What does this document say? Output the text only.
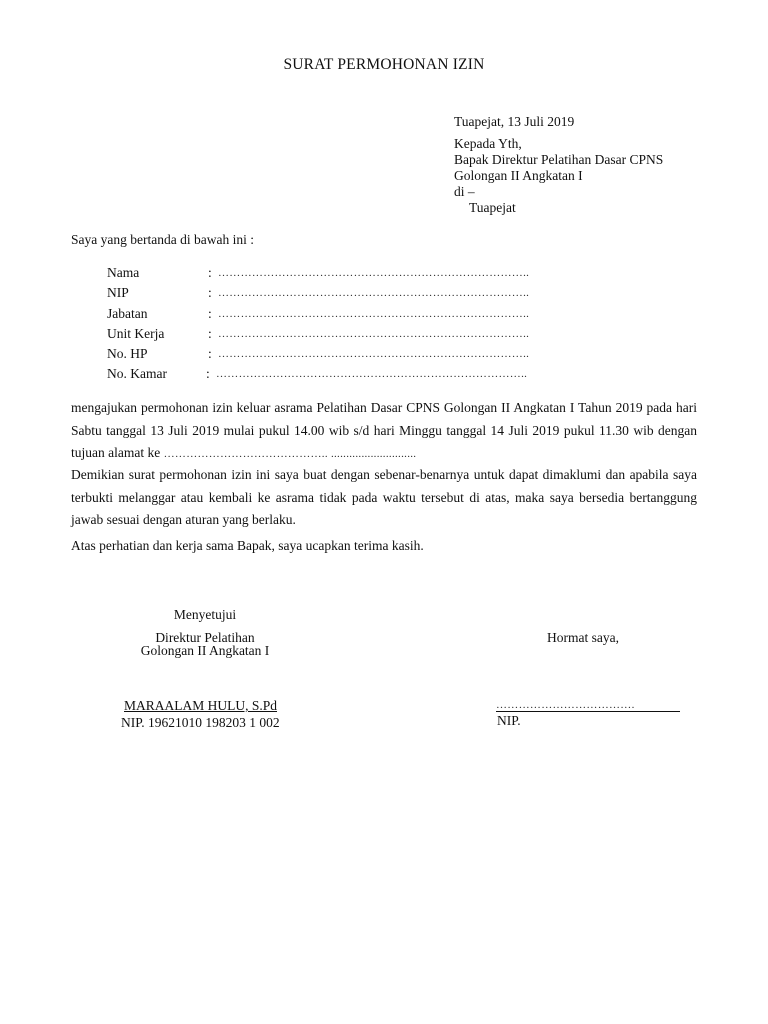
SURAT PERMOHONAN IZIN
Tuapejat, 13 Juli 2019
Kepada Yth,
Bapak Direktur Pelatihan Dasar CPNS
Golongan II Angkatan I
di –
Tuapejat
Saya yang bertanda di bawah ini :
Nama	: ………………………………………………………………………..
NIP	: ………………………………………………………………………..
Jabatan	: ………………………………………………………………………..
Unit Kerja	: ………………………………………………………………………..
No. HP	: ………………………………………………………………………..
No. Kamar	: ………………………………………………………………………..
mengajukan permohonan izin keluar asrama Pelatihan Dasar CPNS Golongan II Angkatan I Tahun 2019 pada hari Sabtu tanggal 13 Juli 2019 mulai pukul 14.00 wib s/d hari Minggu tanggal 14 Juli 2019 pukul 11.30 wib dengan tujuan alamat ke …………………………………….. ............................
Demikian surat permohonan izin ini saya buat dengan sebenar-benarnya untuk dapat dimaklumi dan apabila saya terbukti melanggar atau kembali ke asrama tidak pada waktu tersebut di atas, maka saya bersedia bertanggung jawab sesuai dengan aturan yang berlaku.
Atas perhatian dan kerja sama Bapak, saya ucapkan terima kasih.
Menyetujui
Direktur Pelatihan
Golongan II Angkatan I
Hormat saya,
MARAALAM HULU, S.Pd
NIP. 19621010 198203 1 002
……………………………….
NIP.
